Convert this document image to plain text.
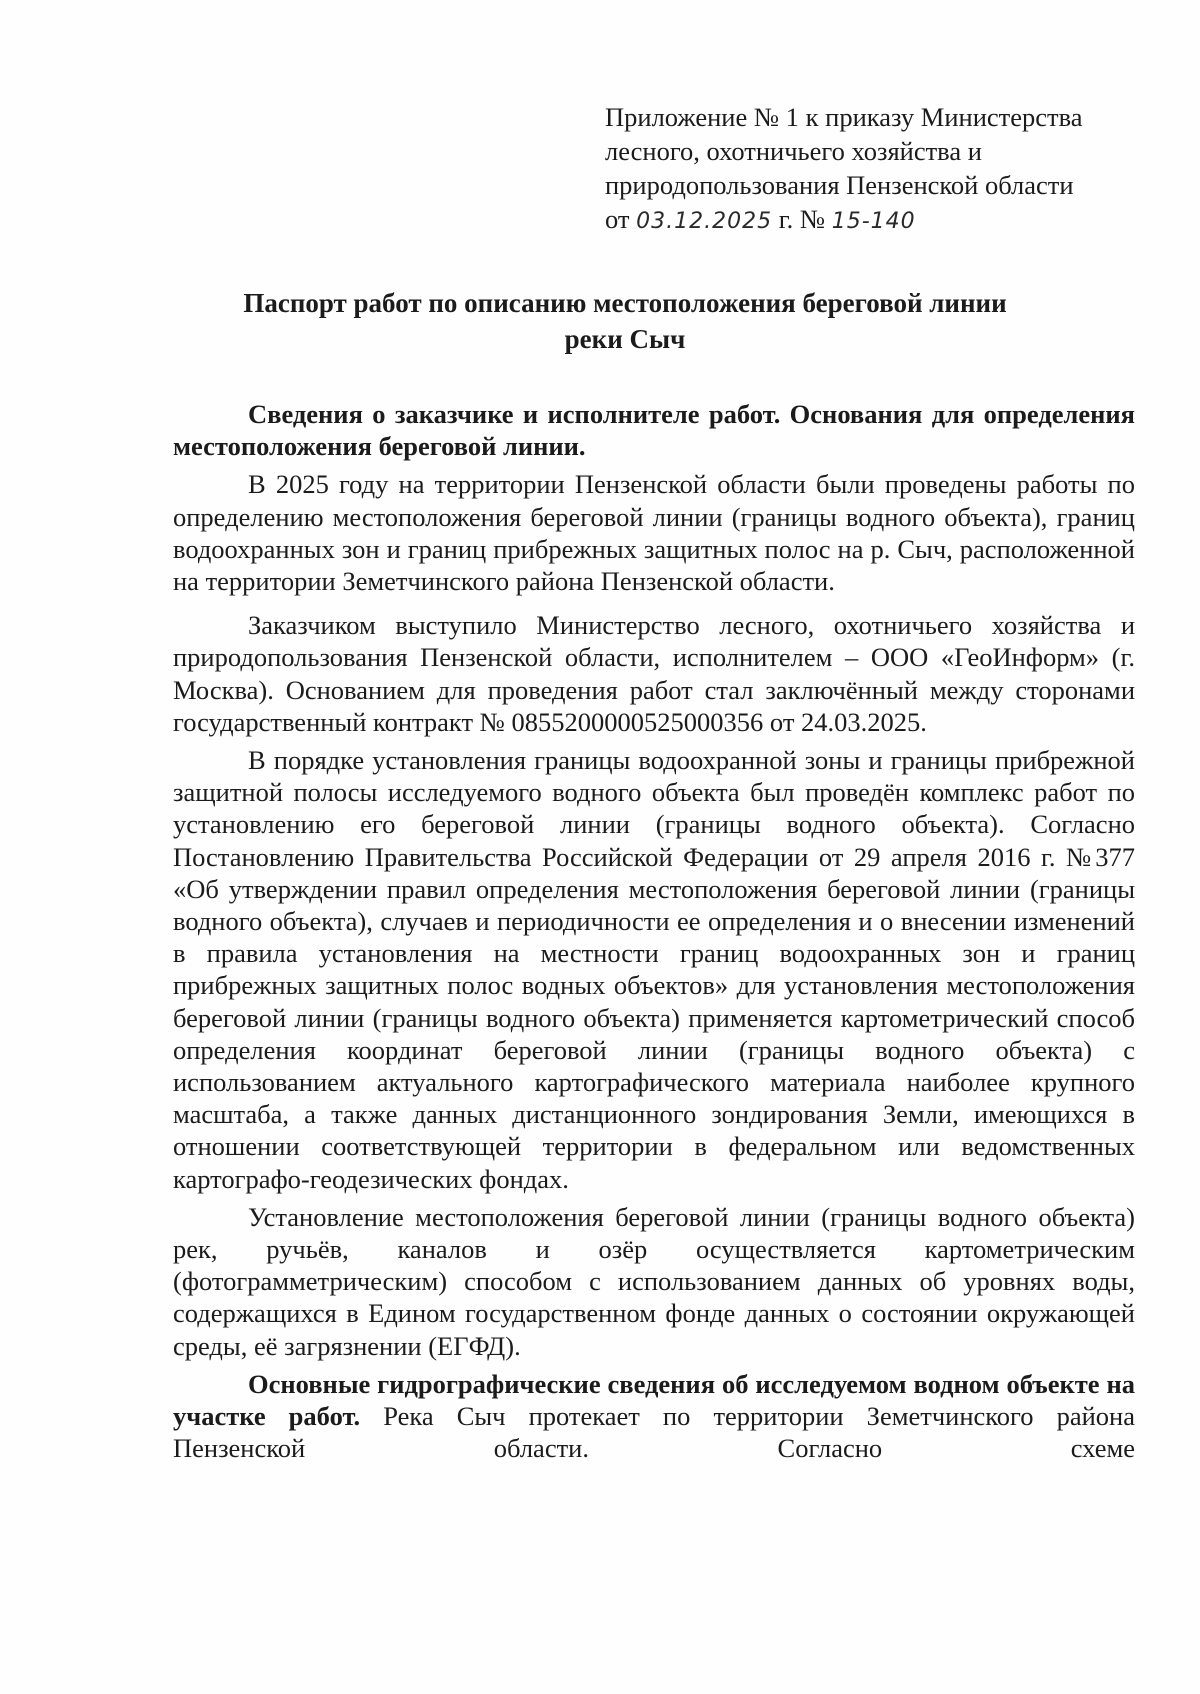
Приложение № 1 к приказу Министерства
лесного, охотничьего хозяйства и
природопользования Пензенской области
от 03.12.2025 г. № 15-140
Паспорт работ по описанию местоположения береговой линии
реки Сыч

Сведения о заказчике и исполнителе работ. Основания для определения местоположения береговой линии.

В 2025 году на территории Пензенской области были проведены работы по определению местоположения береговой линии (границы водного объекта), границ водоохранных зон и границ прибрежных защитных полос на р. Сыч, расположенной на территории Земетчинского района Пензенской области.

Заказчиком выступило Министерство лесного, охотничьего хозяйства и природопользования Пензенской области, исполнителем – ООО «ГеоИнформ» (г. Москва). Основанием для проведения работ стал заключённый между сторонами государственный контракт № 0855200000525000356 от 24.03.2025.

В порядке установления границы водоохранной зоны и границы прибрежной защитной полосы исследуемого водного объекта был проведён комплекс работ по установлению его береговой линии (границы водного объекта). Согласно Постановлению Правительства Российской Федерации от 29 апреля 2016 г. №377 «Об утверждении правил определения местоположения береговой линии (границы водного объекта), случаев и периодичности ее определения и о внесении изменений в правила установления на местности границ водоохранных зон и границ прибрежных защитных полос водных объектов» для установления местоположения береговой линии (границы водного объекта) применяется картометрический способ определения координат береговой линии (границы водного объекта) с использованием актуального картографического материала наиболее крупного масштаба, а также данных дистанционного зондирования Земли, имеющихся в отношении соответствующей территории в федеральном или ведомственных картографо-геодезических фондах.

Установление местоположения береговой линии (границы водного объекта) рек, ручьёв, каналов и озёр осуществляется картометрическим (фотограмметрическим) способом с использованием данных об уровнях воды, содержащихся в Едином государственном фонде данных о состоянии окружающей среды, её загрязнении (ЕГФД).

Основные гидрографические сведения об исследуемом водном объекте на участке работ. Река Сыч протекает по территории Земетчинского района Пензенской области. Согласно схеме
